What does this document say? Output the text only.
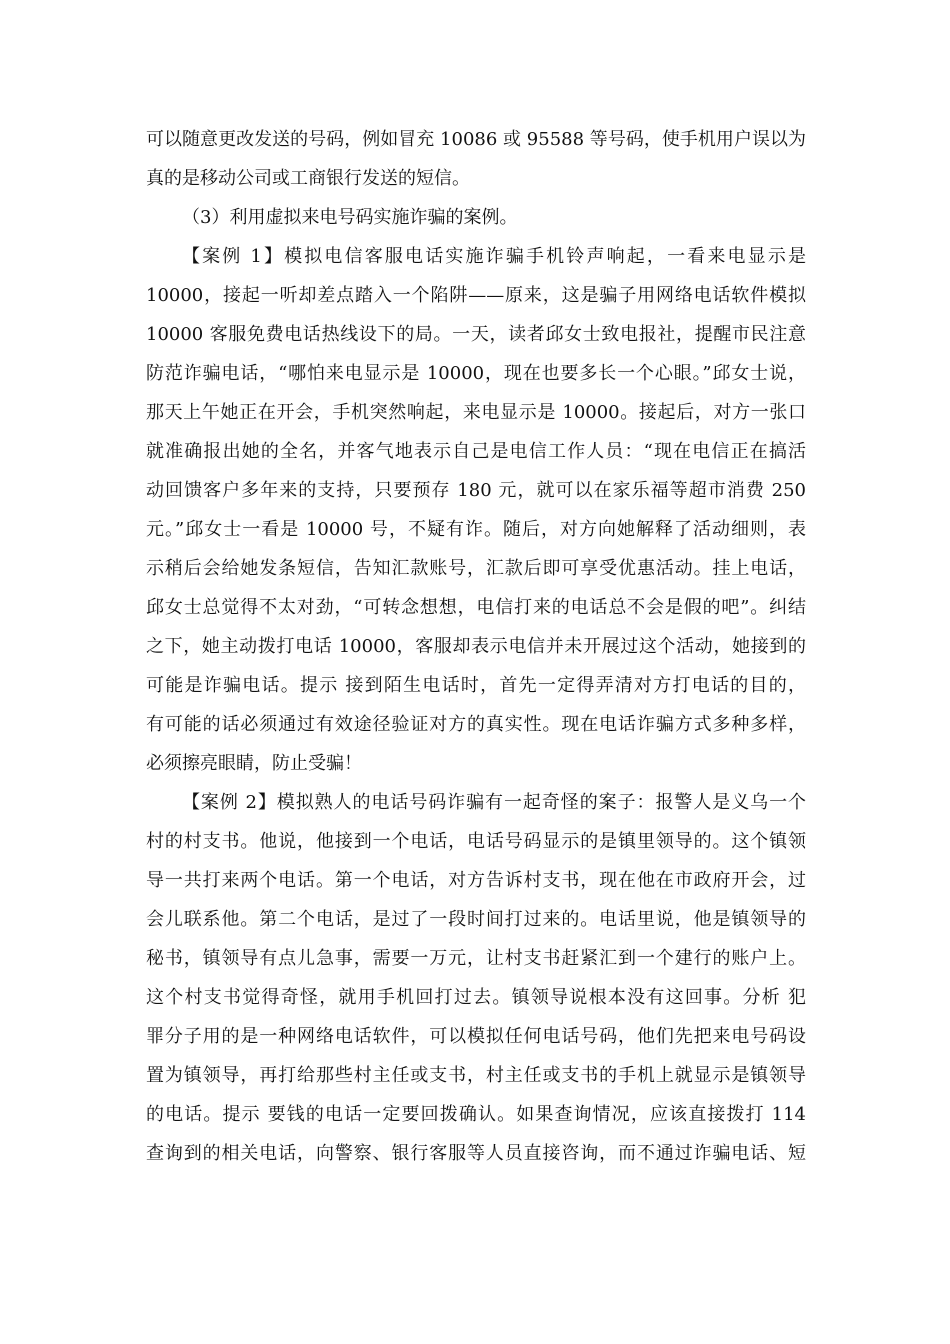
可以随意更改发送的号码，例如冒充 10086 或 95588 等号码，使手机用户误以为
真的是移动公司或工商银行发送的短信。
（3）利用虚拟来电号码实施诈骗的案例。
【案例 1】模拟电信客服电话实施诈骗手机铃声响起，一看来电显示是
10000，接起一听却差点踏入一个陷阱——原来，这是骗子用网络电话软件模拟
10000 客服免费电话热线设下的局。一天，读者邱女士致电报社，提醒市民注意
防范诈骗电话，“哪怕来电显示是 10000，现在也要多长一个心眼。”邱女士说，
那天上午她正在开会，手机突然响起，来电显示是 10000。接起后，对方一张口
就准确报出她的全名，并客气地表示自己是电信工作人员：“现在电信正在搞活
动回馈客户多年来的支持，只要预存 180 元，就可以在家乐福等超市消费 250
元。”邱女士一看是 10000 号，不疑有诈。随后，对方向她解释了活动细则，表
示稍后会给她发条短信，告知汇款账号，汇款后即可享受优惠活动。挂上电话，
邱女士总觉得不太对劲，“可转念想想，电信打来的电话总不会是假的吧”。纠结
之下，她主动拨打电话 10000，客服却表示电信并未开展过这个活动，她接到的
可能是诈骗电话。提示 接到陌生电话时，首先一定得弄清对方打电话的目的，
有可能的话必须通过有效途径验证对方的真实性。现在电话诈骗方式多种多样，
必须擦亮眼睛，防止受骗！
【案例 2】模拟熟人的电话号码诈骗有一起奇怪的案子：报警人是义乌一个
村的村支书。他说，他接到一个电话，电话号码显示的是镇里领导的。这个镇领
导一共打来两个电话。第一个电话，对方告诉村支书，现在他在市政府开会，过
会儿联系他。第二个电话，是过了一段时间打过来的。电话里说，他是镇领导的
秘书，镇领导有点儿急事，需要一万元，让村支书赶紧汇到一个建行的账户上。
这个村支书觉得奇怪，就用手机回打过去。镇领导说根本没有这回事。分析 犯
罪分子用的是一种网络电话软件，可以模拟任何电话号码，他们先把来电号码设
置为镇领导，再打给那些村主任或支书，村主任或支书的手机上就显示是镇领导
的电话。提示 要钱的电话一定要回拨确认。如果查询情况，应该直接拨打 114
查询到的相关电话，向警察、银行客服等人员直接咨询，而不通过诈骗电话、短
